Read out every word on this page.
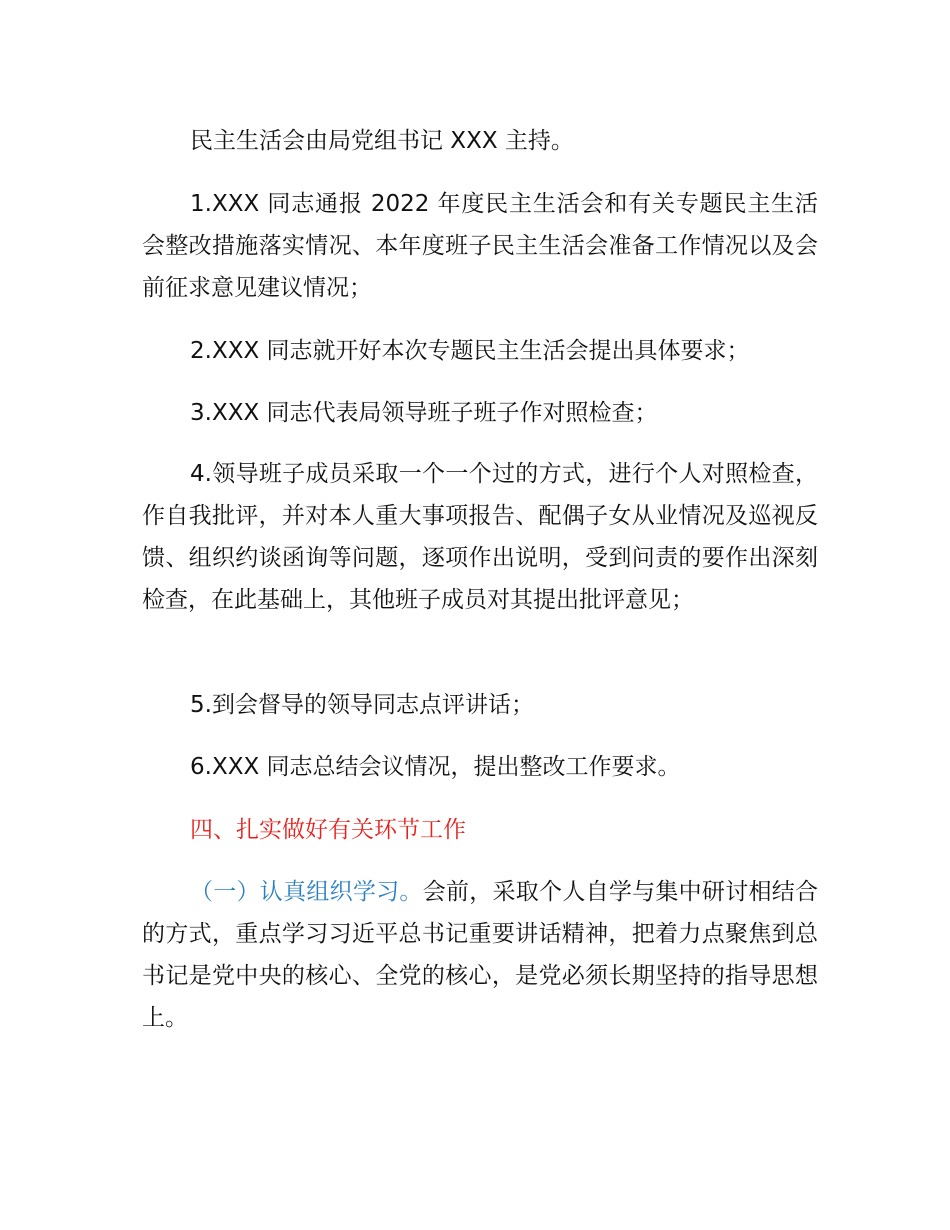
民主生活会由局党组书记 XXX 主持。

1.XXX 同志通报 2022 年度民主生活会和有关专题民主生活会整改措施落实情况、本年度班子民主生活会准备工作情况以及会前征求意见建议情况；

2.XXX 同志就开好本次专题民主生活会提出具体要求；

3.XXX 同志代表局领导班子班子作对照检查；

4.领导班子成员采取一个一个过的方式，进行个人对照检查，作自我批评，并对本人重大事项报告、配偶子女从业情况及巡视反馈、组织约谈函询等问题，逐项作出说明，受到问责的要作出深刻检查，在此基础上，其他班子成员对其提出批评意见；

5.到会督导的领导同志点评讲话；

6.XXX 同志总结会议情况，提出整改工作要求。

四、扎实做好有关环节工作

（一）认真组织学习。会前，采取个人自学与集中研讨相结合的方式，重点学习习近平总书记重要讲话精神，把着力点聚焦到总书记是党中央的核心、全党的核心，是党必须长期坚持的指导思想上。
